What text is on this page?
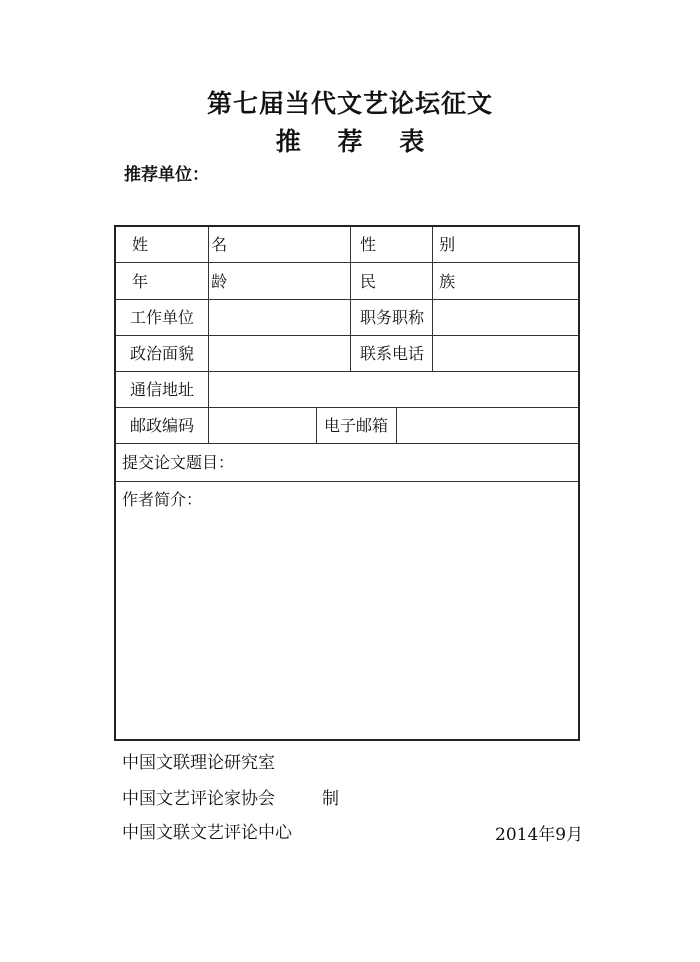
第七届当代文艺论坛征文
推 荐 表
推荐单位：
姓 名	性 别
年 龄	民 族
工作单位	职务职称
政治面貌	联系电话
通信地址
邮政编码	电子邮箱
提交论文题目：
作者简介：
中国文联理论研究室
中国文艺评论家协会	制
中国文联文艺评论中心	2014年9月
